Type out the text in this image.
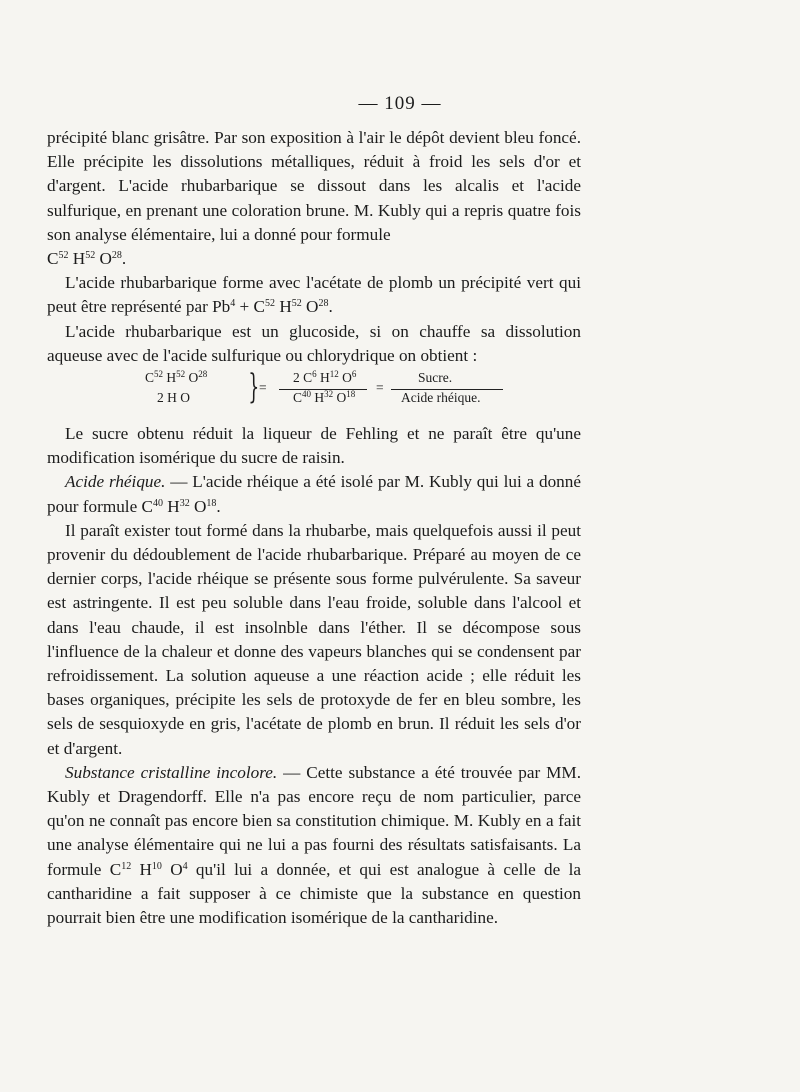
— 109 —

précipité blanc grisâtre. Par son exposition à l'air le dépôt devient bleu foncé. Elle précipite les dissolutions métalliques, réduit à froid les sels d'or et d'argent. L'acide rhubarbarique se dissout dans les alcalis et l'acide sulfurique, en prenant une coloration brune. M. Kubly qui a repris quatre fois son analyse élémentaire, lui a donné pour formule
$C^{52}$ $H^{52}$ $O^{28}$.

L'acide rhubarbarique forme avec l'acétate de plomb un précipité vert qui peut être représenté par $Pb^4 + C^{52}$ $H^{52}$ $O^{28}$.

L'acide rhubarbarique est un glucoside, si on chauffe sa dissolution aqueuse avec de l'acide sulfurique ou chlorydrique on obtient :

$C^{52}$ $H^{52}$ $O^{28}$
2 H O } =
2 $C^6$ $H^{12}$ $O^6$
$C^{40}$ $H^{32}$ $O^{18}$ =
Sucre.
Acide rhéique.

Le sucre obtenu réduit la liqueur de Fehling et ne paraît être qu'une modification isomérique du sucre de raisin.

Acide rhéique. — L'acide rhéique a été isolé par M. Kubly qui lui a donné pour formule $C^{40}$ $H^{32}$ $O^{18}$.

Il paraît exister tout formé dans la rhubarbe, mais quelquefois aussi il peut provenir du dédoublement de l'acide rhubarbarique. Préparé au moyen de ce dernier corps, l'acide rhéique se présente sous forme pulvérulente. Sa saveur est astringente. Il est peu soluble dans l'eau froide, soluble dans l'alcool et dans l'eau chaude, il est insolnble dans l'éther. Il se décompose sous l'influence de la chaleur et donne des vapeurs blanches qui se condensent par refroidissement. La solution aqueuse a une réaction acide ; elle réduit les bases organiques, précipite les sels de protoxyde de fer en bleu sombre, les sels de sesquioxyde en gris, l'acétate de plomb en brun. Il réduit les sels d'or et d'argent.

Substance cristalline incolore. — Cette substance a été trouvée par MM. Kubly et Dragendorff. Elle n'a pas encore reçu de nom particulier, parce qu'on ne connaît pas encore bien sa constitution chimique. M. Kubly en a fait une analyse élémentaire qui ne lui a pas fourni des résultats satisfaisants. La formule $C^{12}$ $H^{10}$ $O^4$ qu'il lui a donnée, et qui est analogue à celle de la cantharidine a fait supposer à ce chimiste que la substance en question pourrait bien être une modification isomérique de la cantharidine.
